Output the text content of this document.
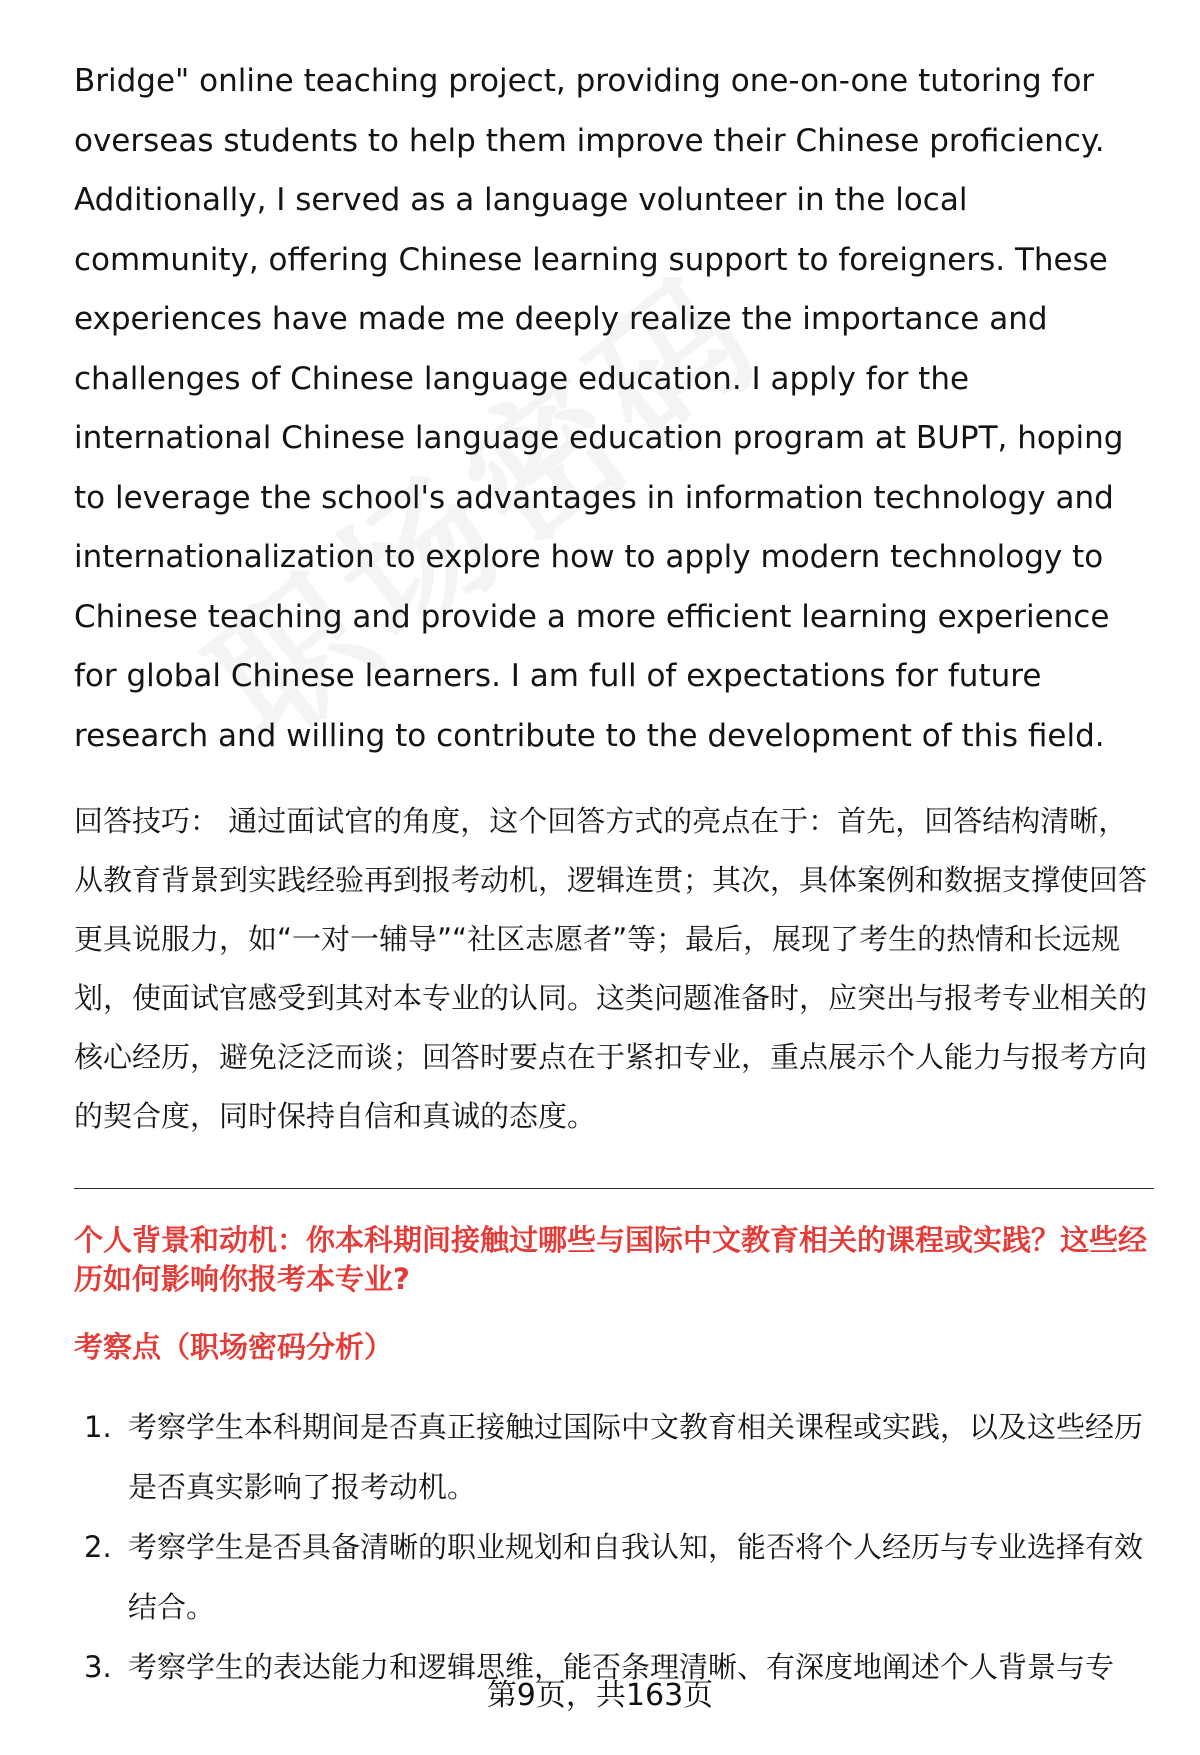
Bridge" online teaching project, providing one-on-one tutoring for overseas students to help them improve their Chinese proficiency. Additionally, I served as a language volunteer in the local community, offering Chinese learning support to foreigners. These experiences have made me deeply realize the importance and challenges of Chinese language education. I apply for the international Chinese language education program at BUPT, hoping to leverage the school's advantages in information technology and internationalization to explore how to apply modern technology to Chinese teaching and provide a more efficient learning experience for global Chinese learners. I am full of expectations for future research and willing to contribute to the development of this field.

回答技巧： 通过面试官的角度，这个回答方式的亮点在于：首先，回答结构清晰，从教育背景到实践经验再到报考动机，逻辑连贯；其次，具体案例和数据支撑使回答更具说服力，如“一对一辅导”“社区志愿者”等；最后，展现了考生的热情和长远规划，使面试官感受到其对本专业的认同。这类问题准备时，应突出与报考专业相关的核心经历，避免泛泛而谈；回答时要点在于紧扣专业，重点展示个人能力与报考方向的契合度，同时保持自信和真诚的态度。

个人背景和动机：你本科期间接触过哪些与国际中文教育相关的课程或实践？这些经历如何影响你报考本专业?
考察点（职场密码分析）
1. 考察学生本科期间是否真正接触过国际中文教育相关课程或实践，以及这些经历是否真实影响了报考动机。
2. 考察学生是否具备清晰的职业规划和自我认知，能否将个人经历与专业选择有效结合。
3. 考察学生的表达能力和逻辑思维，能否条理清晰、有深度地阐述个人背景与专
第9页，共163页
